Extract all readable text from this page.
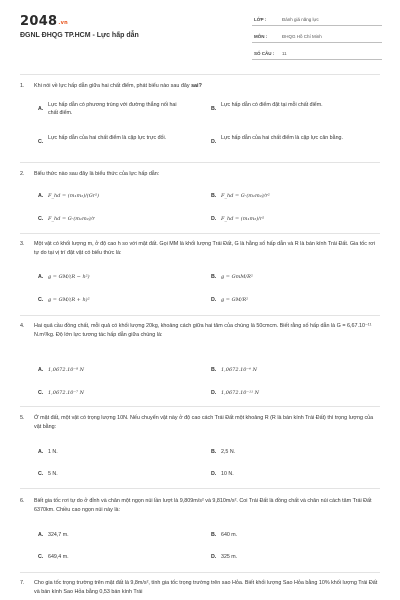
2048.vn
ĐGNL ĐHQG TP.HCM - Lực hấp dẫn
LỚP :	Đánh giá năng lực
MÔN :	ĐHQG Hồ Chí Minh
SỐ CÂU : 11
1. Khi nói về lực hấp dẫn giữa hai chất điểm, phát biểu nào sau đây sai?
A.
Lực hấp dẫn có phương trùng với đường thẳng nối hai chất điểm.
B.
Lực hấp dẫn có điểm đặt tại mỗi chất điểm.
C.
Lực hấp dẫn của hai chất điểm là cặp lực trực đối.
D.
Lực hấp dẫn của hai chất điểm là cặp lực cân bằng.
2. Biểu thức nào sau đây là biểu thức của lực hấp dẫn:
A. F_hd = (m₁m₂)/(Gr²)	B. F_hd = G·(m₁m₂)/r²
C. F_hd = G·(m₁m₂)/r	D. F_hd = (m₁m₂)/r²
3. Một vật có khối lượng m, ở độ cao h so với mặt đất. Gọi MM là khối lượng Trái Đất, G là hằng số hấp dẫn và R là bán kính Trái Đất. Gia tốc rơi tự do tại vị trí đặt vật có biểu thức là:
A. g = GM/(R − h²)	B. g = GmM/R²
C. g = GM/(R + h)²	D. g = GM/R²
4. Hai quả cầu đồng chất, mỗi quả có khối lượng 20kg, khoảng cách giữa hai tâm của chúng là 50cmcm. Biết rằng số hấp dẫn là G = 6,67.10⁻¹¹ N.m²/kg. Độ lớn lực tương tác hấp dẫn giữa chúng là:
A. 1,0672.10⁻⁸ N	B. 1,0672.10⁻⁶ N
C. 1,0672.10⁻⁷ N	D. 1,0672.10⁻¹¹ N
5. Ở mặt đất, một vật có trọng lượng 10N. Nếu chuyển vật này ở độ cao cách Trái Đất một khoảng R (R là bán kính Trái Đất) thì trọng lượng của vật bằng:
A. 1 N.	B. 2,5 N.
C. 5 N.	D. 10 N.
6. Biết gia tốc rơi tự do ở đỉnh và chân một ngọn núi lần lượt là 9,809m/s² và 9,810m/s². Coi Trái Đất là đồng chất và chân núi cách tâm Trái Đất 6370km. Chiều cao ngọn núi này là:
A. 324,7 m.	B. 640 m.
C. 649,4 m.	D. 325 m.
7. Cho gia tốc trọng trường trên mặt đất là 9,8m/s², tính gia tốc trọng trường trên sao Hỏa. Biết khối lượng Sao Hỏa bằng 10% khối lượng Trái Đất và bán kính Sao Hỏa bằng 0,53 bán kính Trái
